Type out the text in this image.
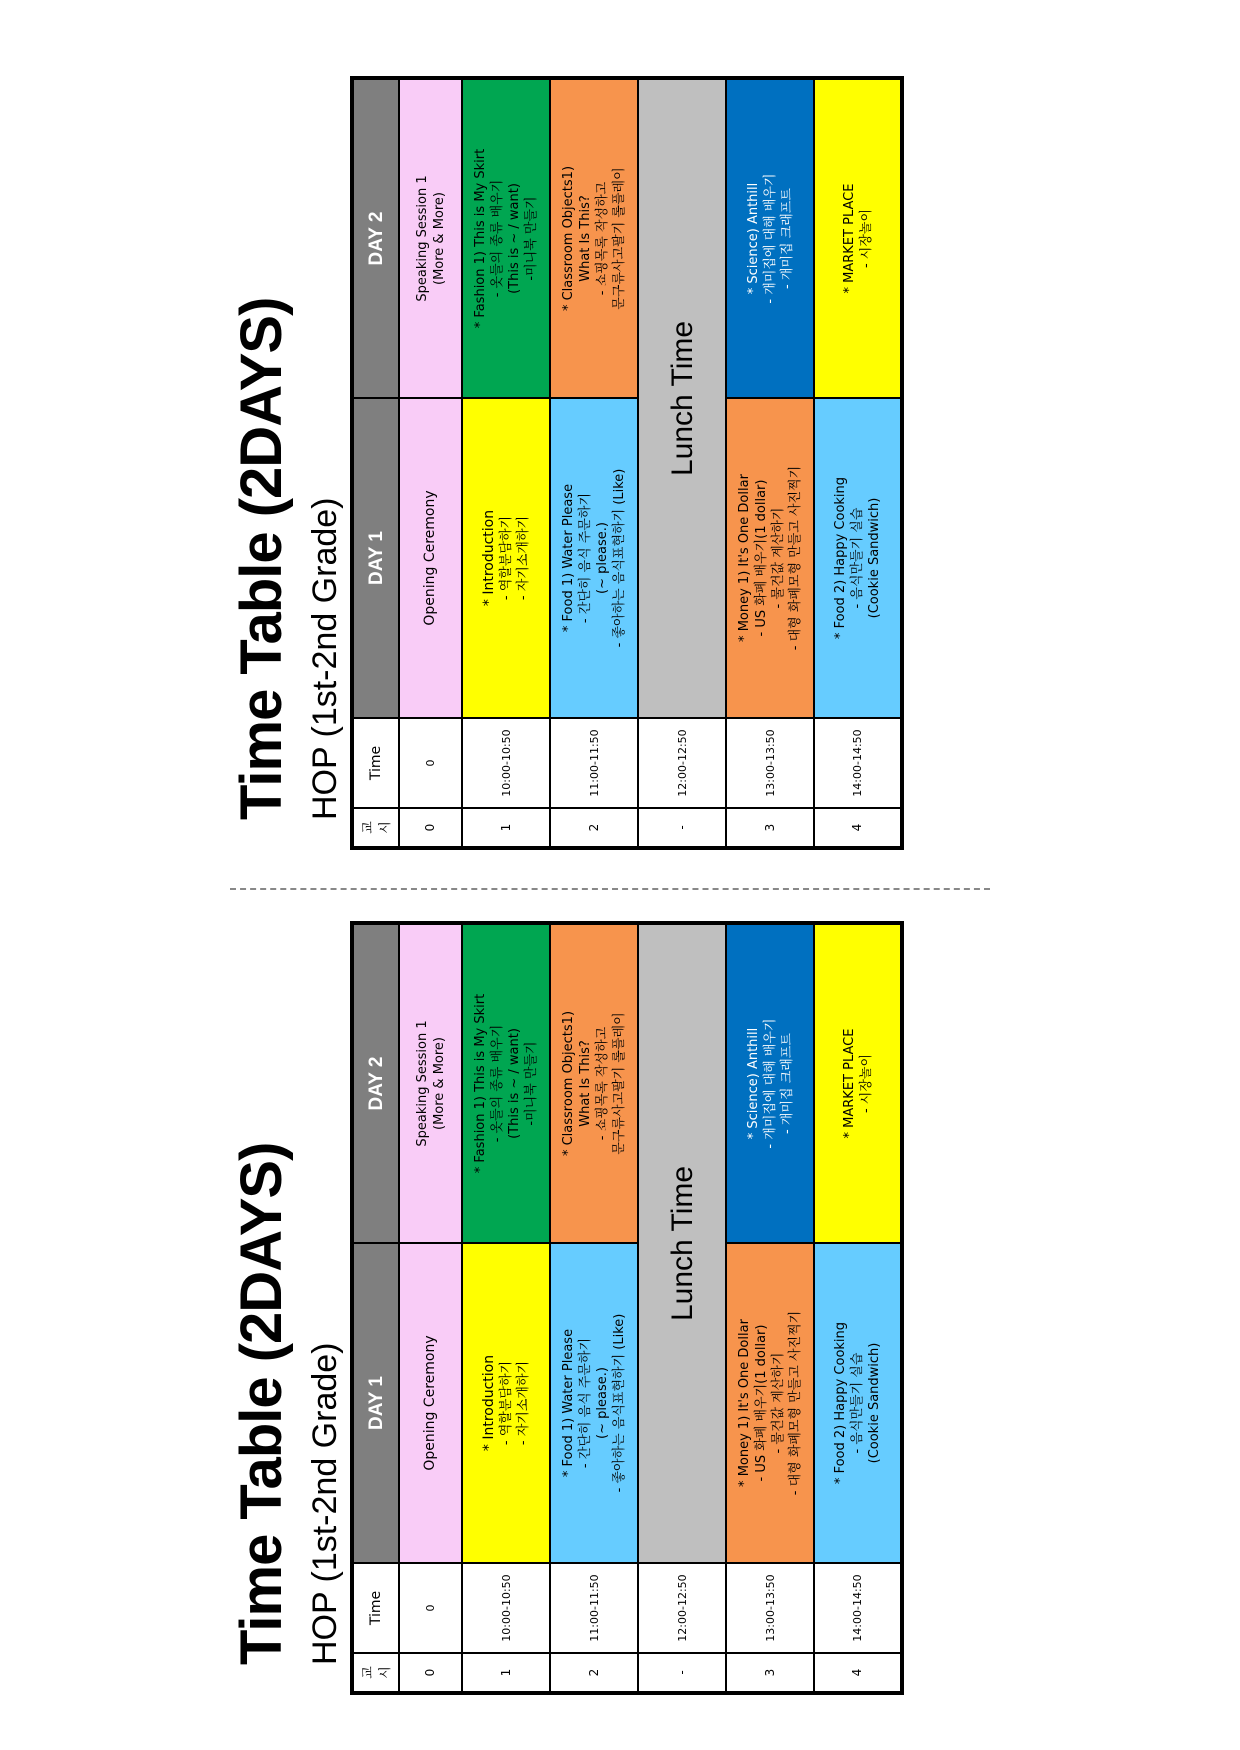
Time Table (2DAYS) HOP (1st-2nd Grade)
교시	Time	DAY 1	DAY 2
0	0	Opening Ceremony	Speaking Session 1 (More & More)

1	10:00-10:50	* Introduction - 역할분담하기 - 자기소개하기	* Fashion 1) This is My Skirt - 옷들의 종류 배우기 (This is ~ / want) -미니북 만들기

2	11:00-11:50	* Food 1) Water Please - 간단히 음식 주문하기 (~ please.) - 좋아하는 음식표현하기 (Like)	* Classroom Objects1) What Is This? - 쇼핑목록 작성하고 문구류사고팔기 롤플레이

-	12:00-12:50	Lunch Time	
3	13:00-13:50	* Money 1) It's One Dollar - US 화폐 배우기(1 dollar) - 물건값 계산하기 - 대형 화폐모형 만들고 사진찍기	* Science) Anthill - 개미집에 대해 배우기 - 개미집 크래프트

4	14:00-14:50	* Food 2) Happy Cooking - 음식만들기 실습 (Cookie Sandwich)	* MARKET PLACE - 시장놀이
Time Table (2DAYS) HOP (1st-2nd Grade)
교시	Time	DAY 1	DAY 2
0	0	Opening Ceremony	Speaking Session 1 (More & More)

1	10:00-10:50	* Introduction - 역할분담하기 - 자기소개하기	* Fashion 1) This is My Skirt - 옷들의 종류 배우기 (This is ~ / want) -미니북 만들기

2	11:00-11:50	* Food 1) Water Please - 간단히 음식 주문하기 (~ please.) - 좋아하는 음식표현하기 (Like)	* Classroom Objects1) What Is This? - 쇼핑목록 작성하고 문구류사고팔기 롤플레이

-	12:00-12:50	Lunch Time	
3	13:00-13:50	* Money 1) It's One Dollar - US 화폐 배우기(1 dollar) - 물건값 계산하기 - 대형 화폐모형 만들고 사진찍기	* Science) Anthill - 개미집에 대해 배우기 - 개미집 크래프트

4	14:00-14:50	* Food 2) Happy Cooking - 음식만들기 실습 (Cookie Sandwich)	* MARKET PLACE - 시장놀이
